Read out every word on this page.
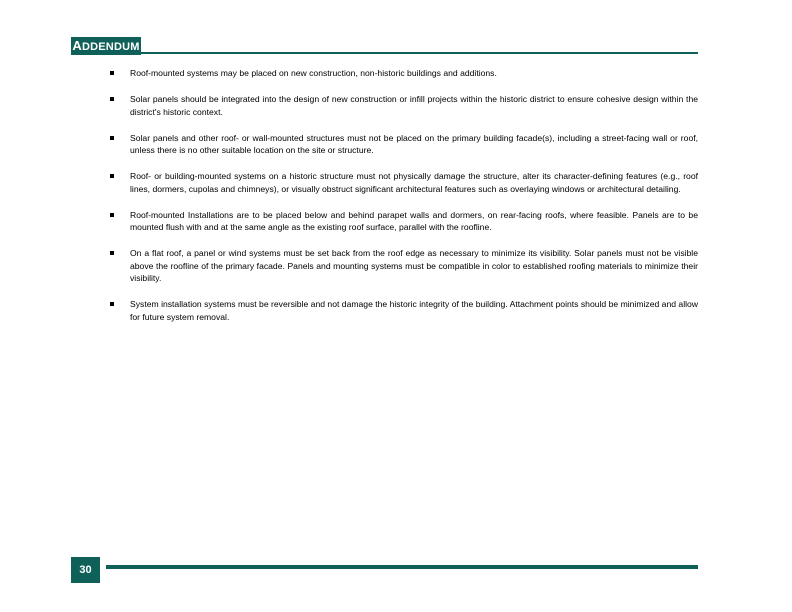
ADDENDUM
Roof-mounted systems may be placed on new construction, non-historic buildings and additions.
Solar panels should be integrated into the design of new construction or infill projects within the historic district to ensure cohesive design within the district's historic context.
Solar panels and other roof- or wall-mounted structures must not be placed on the primary building facade(s), including a street-facing wall or roof, unless there is no other suitable location on the site or structure.
Roof- or building-mounted systems on a historic structure must not physically damage the structure, alter its character-defining features (e.g., roof lines, dormers, cupolas and chimneys), or visually obstruct significant architectural features such as overlaying windows or architectural detailing.
Roof-mounted Installations are to be placed below and behind parapet walls and dormers, on rear-facing roofs, where feasible. Panels are to be mounted flush with and at the same angle as the existing roof surface, parallel with the roofline.
On a flat roof, a panel or wind systems must be set back from the roof edge as necessary to minimize its visibility. Solar panels must not be visible above the roofline of the primary facade. Panels and mounting systems must be compatible in color to established roofing materials to minimize their visibility.
System installation systems must be reversible and not damage the historic integrity of the building. Attachment points should be minimized and allow for future system removal.
30
